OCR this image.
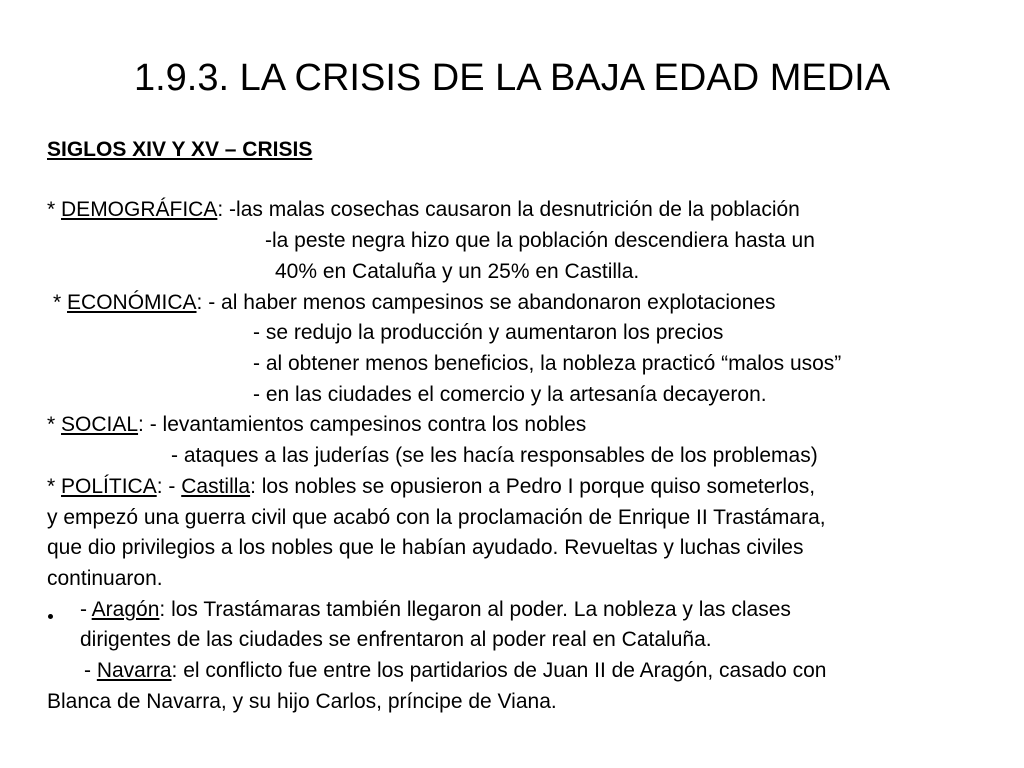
1.9.3. LA CRISIS DE LA BAJA EDAD MEDIA
SIGLOS XIV Y XV – CRISIS
* DEMOGRÁFICA: -las malas cosechas causaron la desnutrición de la población
-la peste negra hizo que la población descendiera hasta un
40% en Cataluña y un 25% en Castilla.
* ECONÓMICA: - al haber menos campesinos se abandonaron explotaciones
- se redujo la producción y aumentaron los precios
- al obtener menos beneficios, la nobleza practicó “malos usos”
- en las ciudades el comercio y la artesanía decayeron.
* SOCIAL: - levantamientos campesinos contra los nobles
- ataques a las juderías (se les hacía responsables de los problemas)
* POLÍTICA: - Castilla: los nobles se opusieron a Pedro I porque quiso someterlos,
y empezó una guerra civil que acabó con la proclamación de Enrique II Trastámara,
que dio privilegios a los nobles que le habían ayudado. Revueltas y luchas civiles
continuaron.
- Aragón: los Trastámaras también llegaron al poder. La nobleza y las clases
dirigentes de las ciudades se enfrentaron al poder real en Cataluña.
- Navarra: el conflicto fue entre los partidarios de Juan II de Aragón, casado con
Blanca de Navarra, y su hijo Carlos, príncipe de Viana.
